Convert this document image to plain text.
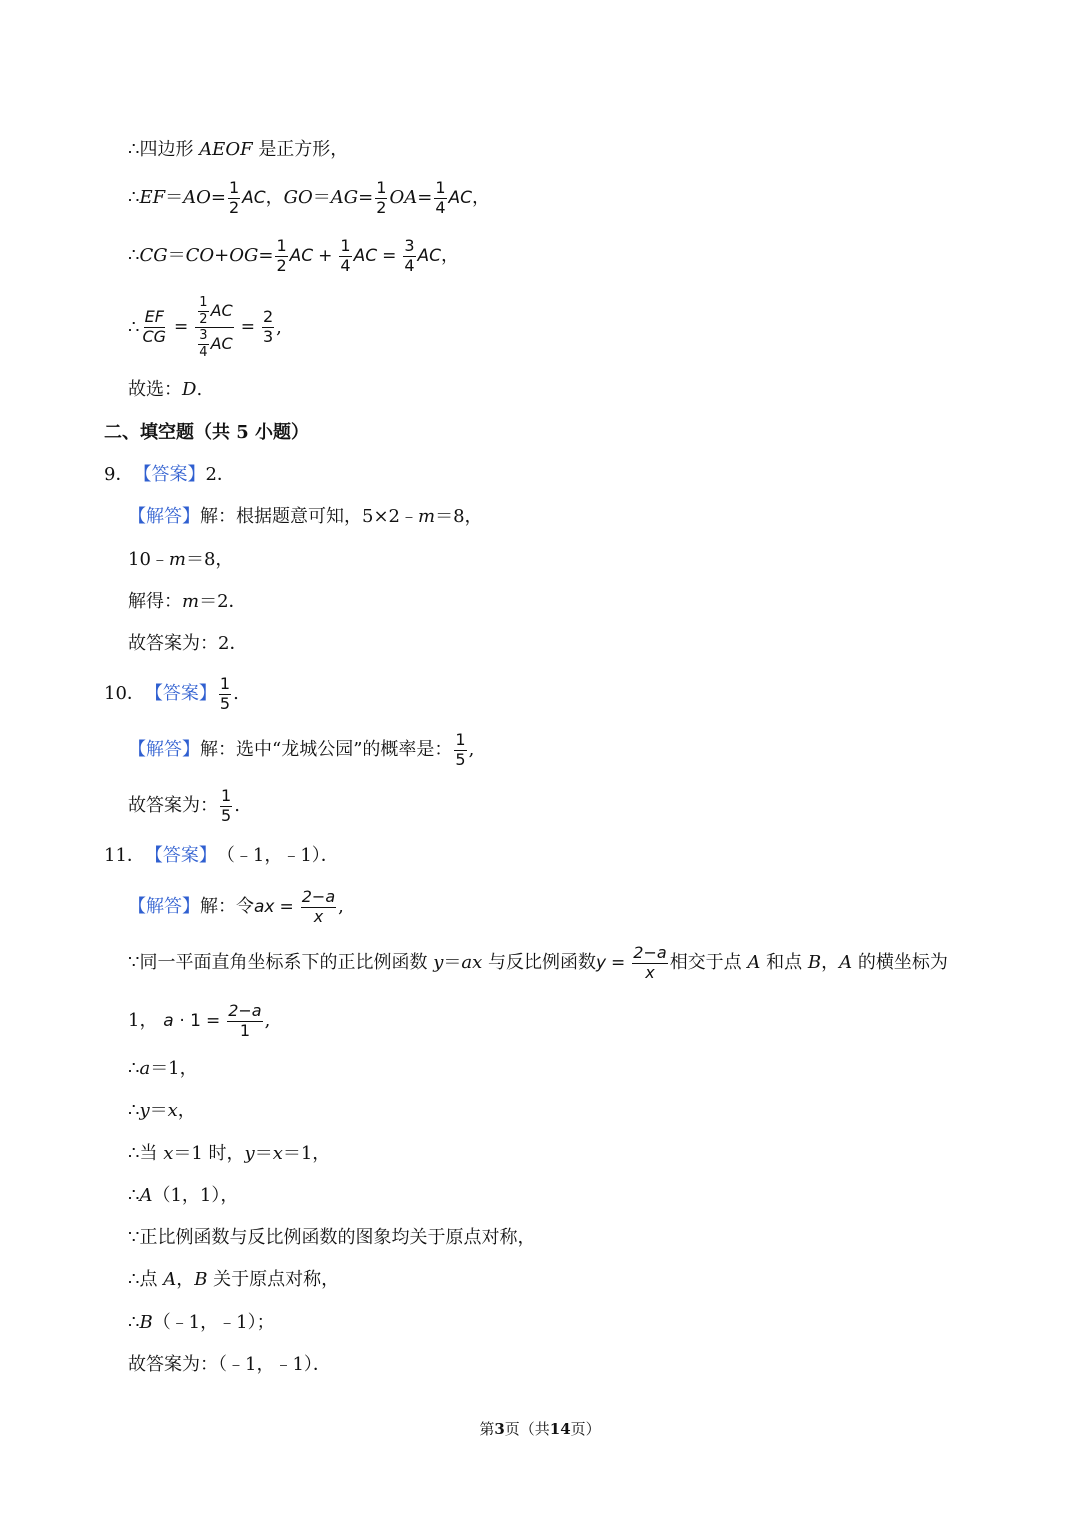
∴ 四边形
AEOF
是正方形，
∴ EF ＝ AO = $\frac{1}{2}$ AC ， GO ＝ AG = $\frac{1}{2}$ OA = $\frac{1}{4}$ AC ，
∴ CG ＝ CO + OG = $\frac{1}{2}$ AC + $\frac{1}{4}$ AC = $\frac{3}{4}$ AC ，
∴ $\frac{EF}{CG} = \frac{\frac{1}{2} AC}{\frac{3}{4} AC} = \frac{2}{3}$ ,
故选： D .
二、填空题（共 5 小题）
9． 【答案】 2．
【解答】 解：根据题意可知，5×2﹣ m ＝8，
10﹣ m ＝8，
解得： m ＝2．
故答案为：2．
10． 【答案】 $\frac{1}{5}$ .
【解答】 解：选中“龙城公园”的概率是： $\frac{1}{5}$ ,
故答案为： $\frac{1}{5}$ .
11． 【答案】 （﹣1，﹣1）．
【解答】 解：令 ax = $\frac{2-a}{x}$ ,
∵ 同一平面直角坐标系下的正比例函数
y ＝ ax
与反比例函数 $y = \frac{2-a}{x}$ 相交于点
A
和点
B ， A
的横坐标为
1，
a
· $1 = \frac{2-a}{1}$ ,
∴ a ＝1，
∴ y ＝ x ，
∴ 当
x ＝1 时， y ＝ x ＝1，
∴ A （1，1），
∵ 正比例函数与反比例函数的图象均关于原点对称，
∴ 点
A ， B
关于原点对称，
∴ B （﹣1，﹣1）；
故答案为：（﹣1，﹣1）．
第3页（共14页）
